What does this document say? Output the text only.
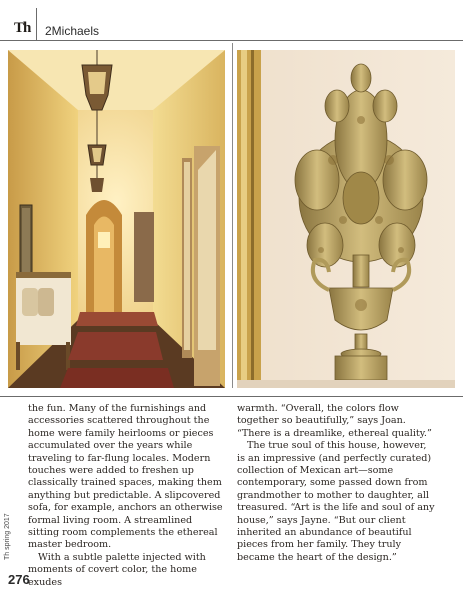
Th 2Michaels

the fun. Many of the furnishings and accessories scattered throughout the home were family heirlooms or pieces accumulated over the years while traveling to far-flung locales. Modern touches were added to freshen up classically trained spaces, making them anything but predictable. A slipcovered sofa, for example, anchors an otherwise formal living room. A streamlined sitting room complements the ethereal master bedroom.

With a subtle palette injected with moments of covert color, the home exudes

warmth. “Overall, the colors flow together so beautifully,” says Joan. “There is a dreamlike, ethereal quality.”

The true soul of this house, however, is an impressive (and perfectly curated) collection of Mexican art—some contemporary, some passed down from grandmother to mother to daughter, all treasured. “Art is the life and soul of any house,” says Jayne. “But our client inherited an abundance of beautiful pieces from her family. They truly became the heart of the design.”

Th spring 2017
276
